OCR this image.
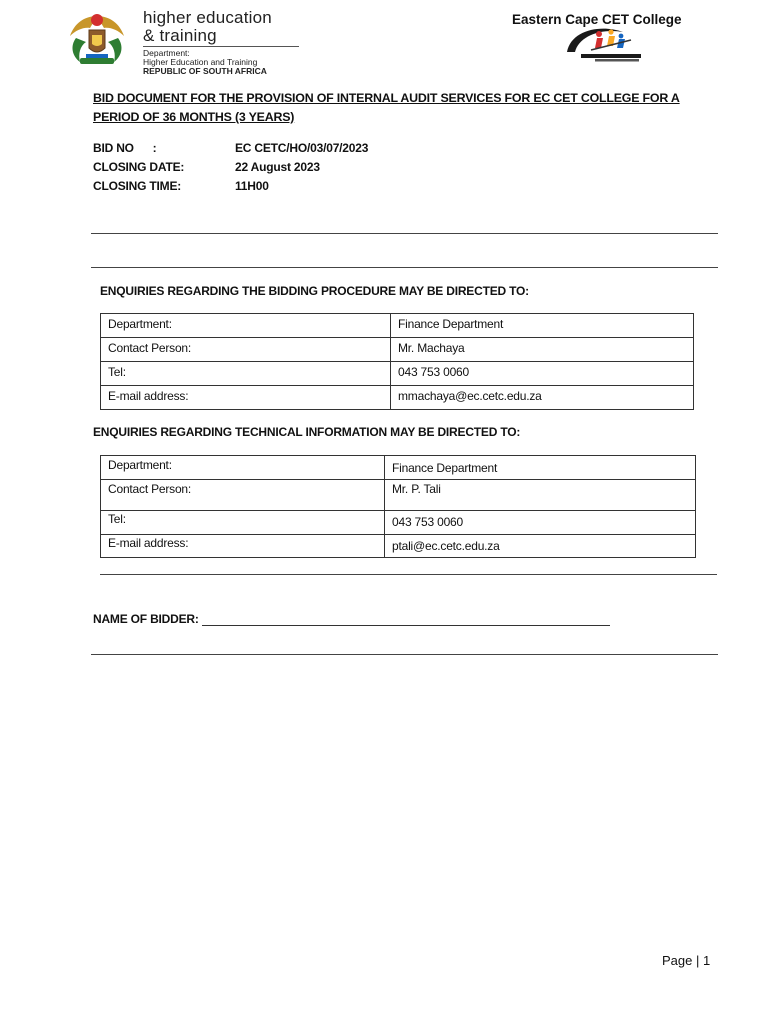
higher education
& training
Department:
Higher Education and Training
REPUBLIC OF SOUTH AFRICA
Eastern Cape CET College
BID DOCUMENT FOR THE PROVISION OF INTERNAL AUDIT SERVICES FOR EC CET COLLEGE FOR A PERIOD OF 36 MONTHS (3 YEARS)
BID NO      :	EC CETC/HO/03/07/2023
CLOSING DATE:	22 August 2023
CLOSING TIME:	11H00
ENQUIRIES REGARDING THE BIDDING PROCEDURE MAY BE DIRECTED TO:
Department:	Finance Department
Contact Person:	Mr. Machaya
Tel:	043 753 0060
E-mail address:	mmachaya@ec.cetc.edu.za
ENQUIRIES REGARDING TECHNICAL INFORMATION MAY BE DIRECTED TO:
Department:	Finance Department
Contact Person:	Mr. P. Tali
Tel:	043 753 0060
E-mail address:	ptali@ec.cetc.edu.za
NAME OF BIDDER:
Page | 1
